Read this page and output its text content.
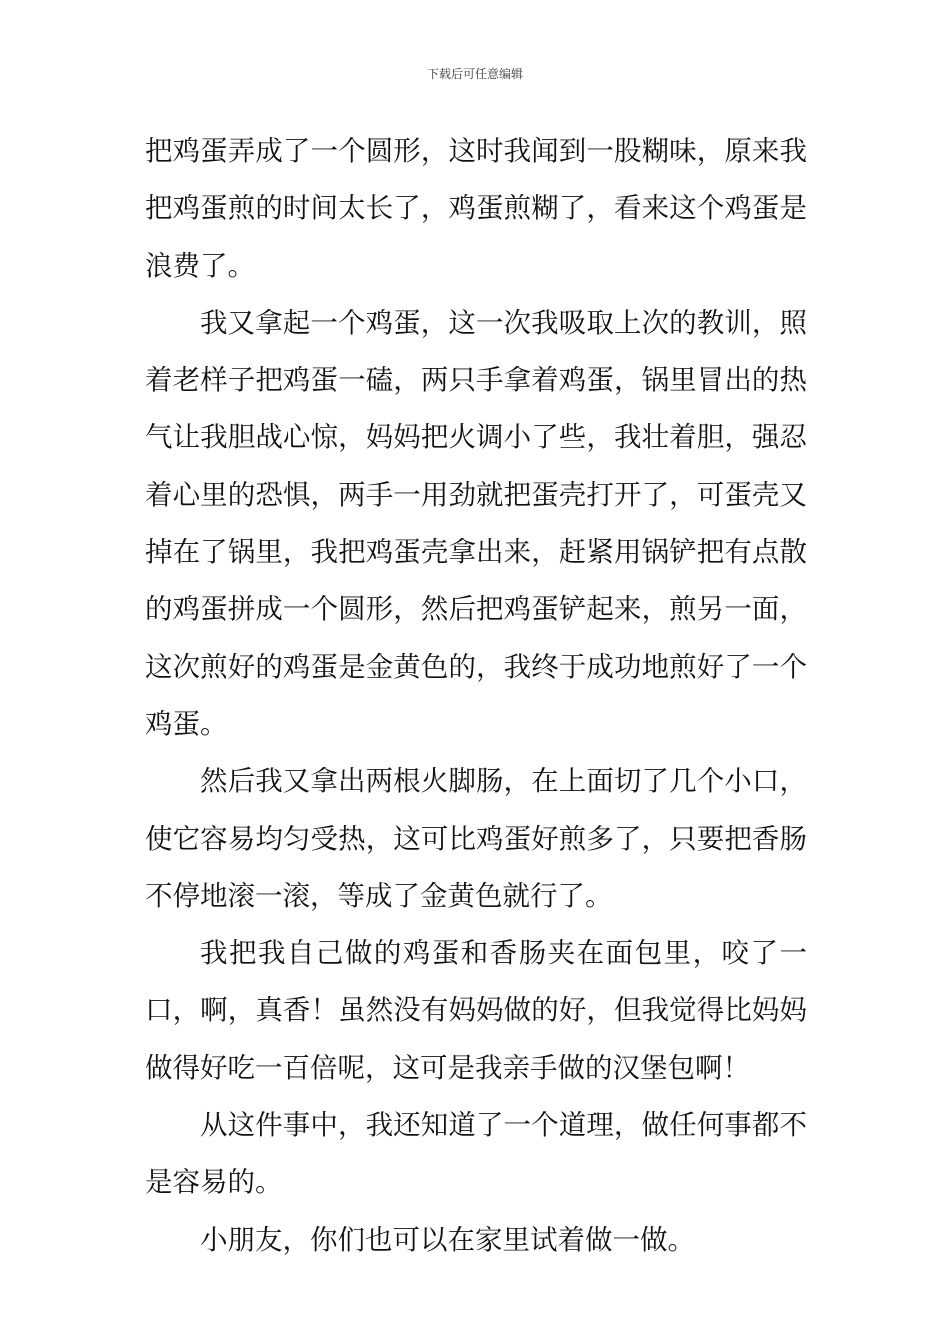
下载后可任意编辑

把鸡蛋弄成了一个圆形，这时我闻到一股糊味，原来我把鸡蛋煎的时间太长了，鸡蛋煎糊了，看来这个鸡蛋是浪费了。

我又拿起一个鸡蛋，这一次我吸取上次的教训，照着老样子把鸡蛋一磕，两只手拿着鸡蛋，锅里冒出的热气让我胆战心惊，妈妈把火调小了些，我壮着胆，强忍着心里的恐惧，两手一用劲就把蛋壳打开了，可蛋壳又掉在了锅里，我把鸡蛋壳拿出来，赶紧用锅铲把有点散的鸡蛋拼成一个圆形，然后把鸡蛋铲起来，煎另一面，这次煎好的鸡蛋是金黄色的，我终于成功地煎好了一个鸡蛋。

然后我又拿出两根火脚肠，在上面切了几个小口，使它容易均匀受热，这可比鸡蛋好煎多了，只要把香肠不停地滚一滚，等成了金黄色就行了。

我把我自己做的鸡蛋和香肠夹在面包里，咬了一口，啊，真香！虽然没有妈妈做的好，但我觉得比妈妈做得好吃一百倍呢，这可是我亲手做的汉堡包啊！

从这件事中，我还知道了一个道理，做任何事都不是容易的。

小朋友，你们也可以在家里试着做一做。
